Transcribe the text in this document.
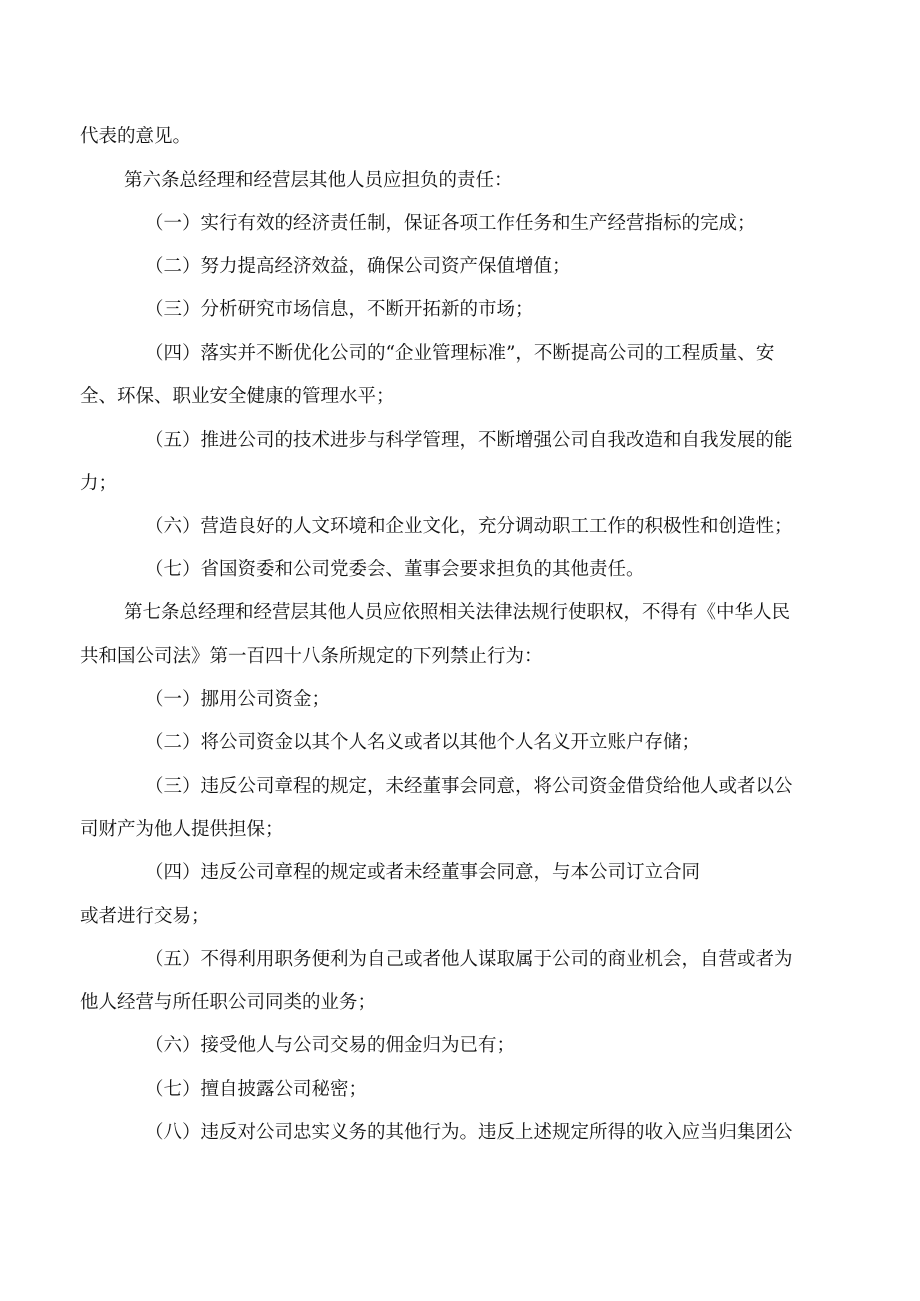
代表的意见。
第六条总经理和经营层其他人员应担负的责任：
（一）实行有效的经济责任制，保证各项工作任务和生产经营指标的完成；
（二）努力提高经济效益，确保公司资产保值增值；
（三）分析研究市场信息，不断开拓新的市场；
（四）落实并不断优化公司的“企业管理标准”，不断提高公司的工程质量、安
全、环保、职业安全健康的管理水平；
（五）推进公司的技术进步与科学管理，不断增强公司自我改造和自我发展的能
力；
（六）营造良好的人文环境和企业文化，充分调动职工工作的积极性和创造性；
（七）省国资委和公司党委会、董事会要求担负的其他责任。
第七条总经理和经营层其他人员应依照相关法律法规行使职权，不得有《中华人民
共和国公司法》第一百四十八条所规定的下列禁止行为：
（一）挪用公司资金；
（二）将公司资金以其个人名义或者以其他个人名义开立账户存储；
（三）违反公司章程的规定，未经董事会同意，将公司资金借贷给他人或者以公
司财产为他人提供担保；
（四）违反公司章程的规定或者未经董事会同意，与本公司订立合同
或者进行交易；
（五）不得利用职务便利为自己或者他人谋取属于公司的商业机会，自营或者为
他人经营与所任职公司同类的业务；
（六）接受他人与公司交易的佣金归为已有；
（七）擅自披露公司秘密；
（八）违反对公司忠实义务的其他行为。违反上述规定所得的收入应当归集团公
